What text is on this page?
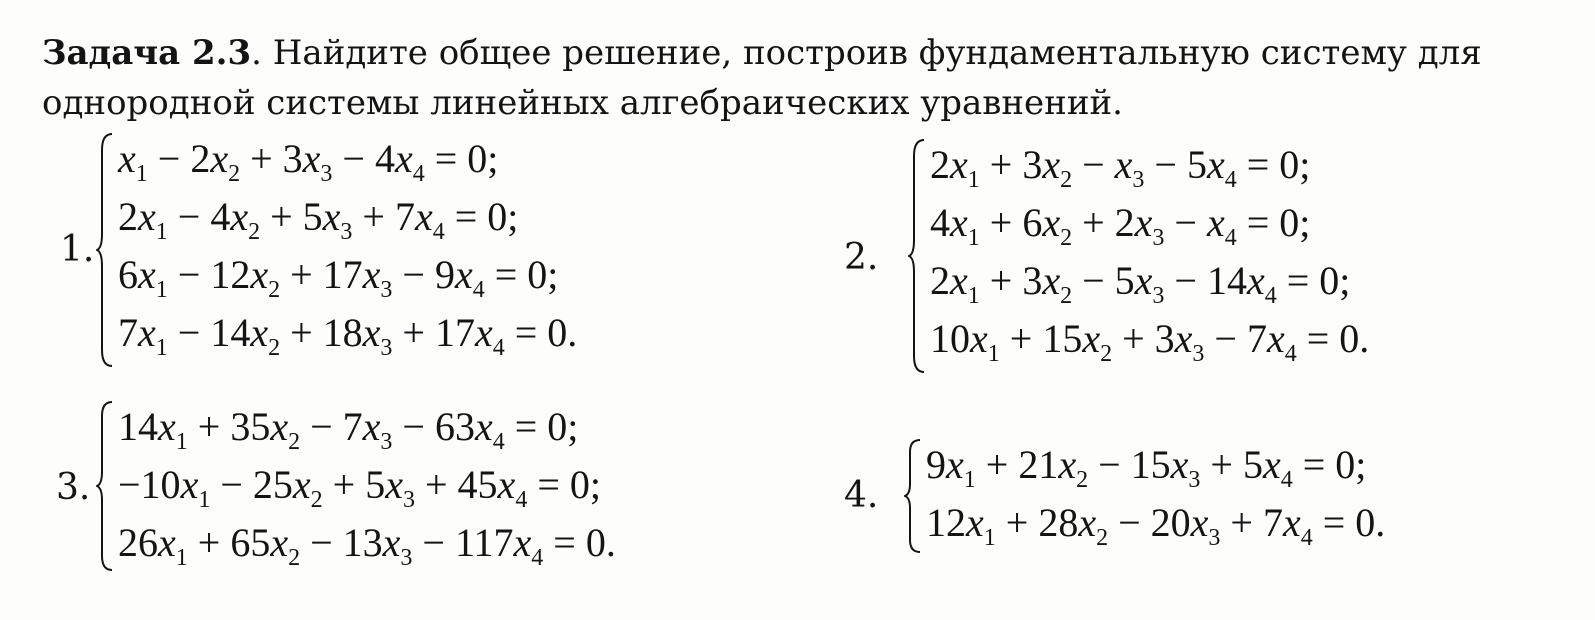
Задача 2.3. Найдите общее решение, построив фундаментальную систему для однородной системы линейных алгебраических уравнений.
1.
$x_1 - 2x_2 + 3x_3 - 4x_4 = 0$;
$2x_1 - 4x_2 + 5x_3 + 7x_4 = 0$;
$6x_1 - 12x_2 + 17x_3 - 9x_4 = 0$;
$7x_1 - 14x_2 + 18x_3 + 17x_4 = 0$.
2.
$2x_1 + 3x_2 - x_3 - 5x_4 = 0$;
$4x_1 + 6x_2 + 2x_3 - x_4 = 0$;
$2x_1 + 3x_2 - 5x_3 - 14x_4 = 0$;
$10x_1 + 15x_2 + 3x_3 - 7x_4 = 0$.
3.
$14x_1 + 35x_2 - 7x_3 - 63x_4 = 0$;
$-10x_1 - 25x_2 + 5x_3 + 45x_4 = 0$;
$26x_1 + 65x_2 - 13x_3 - 117x_4 = 0$.
4.
$9x_1 + 21x_2 - 15x_3 + 5x_4 = 0$;
$12x_1 + 28x_2 - 20x_3 + 7x_4 = 0$.
